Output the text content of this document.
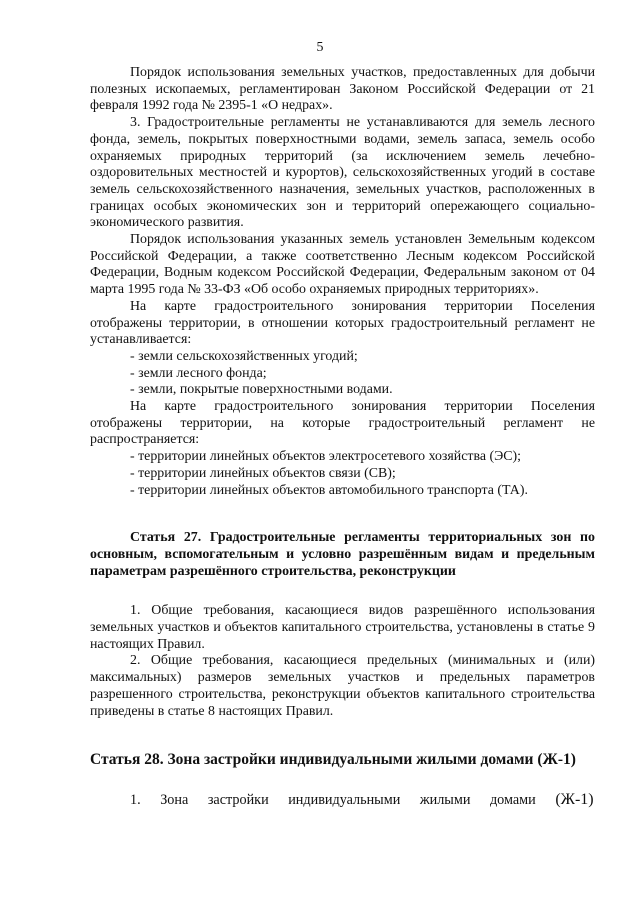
5

Порядок использования земельных участков, предоставленных для добычи полезных ископаемых, регламентирован Законом Российской Федерации от 21 февраля 1992 года № 2395-1 «О недрах».

3. Градостроительные регламенты не устанавливаются для земель лесного фонда, земель, покрытых поверхностными водами, земель запаса, земель особо охраняемых природных территорий (за исключением земель лечебно-оздоровительных местностей и курортов), сельскохозяйственных угодий в составе земель сельскохозяйственного назначения, земельных участков, расположенных в границах особых экономических зон и территорий опережающего социально-экономического развития.

Порядок использования указанных земель установлен Земельным кодексом Российской Федерации, а также соответственно Лесным кодексом Российской Федерации, Водным кодексом Российской Федерации, Федеральным законом от 04 марта 1995 года № 33-ФЗ «Об особо охраняемых природных территориях».

На карте градостроительного зонирования территории Поселения отображены территории, в отношении которых градостроительный регламент не устанавливается:

- земли сельскохозяйственных угодий;

- земли лесного фонда;

- земли, покрытые поверхностными водами.

На карте градостроительного зонирования территории Поселения отображены территории, на которые градостроительный регламент не распространяется:

- территории линейных объектов электросетевого хозяйства (ЭС);

- территории линейных объектов связи (СВ);

- территории линейных объектов автомобильного транспорта (ТА).

Статья 27. Градостроительные регламенты территориальных зон по основным, вспомогательным и условно разрешённым видам и предельным параметрам разрешённого строительства, реконструкции

1. Общие требования, касающиеся видов разрешённого использования земельных участков и объектов капитального строительства, установлены в статье 9 настоящих Правил.

2. Общие требования, касающиеся предельных (минимальных и (или) максимальных) размеров земельных участков и предельных параметров разрешенного строительства, реконструкции объектов капитального строительства приведены в статье 8 настоящих Правил.

Статья 28. Зона застройки индивидуальными жилыми домами (Ж-1)

1. Зона застройки индивидуальными жилыми домами (Ж-1)
